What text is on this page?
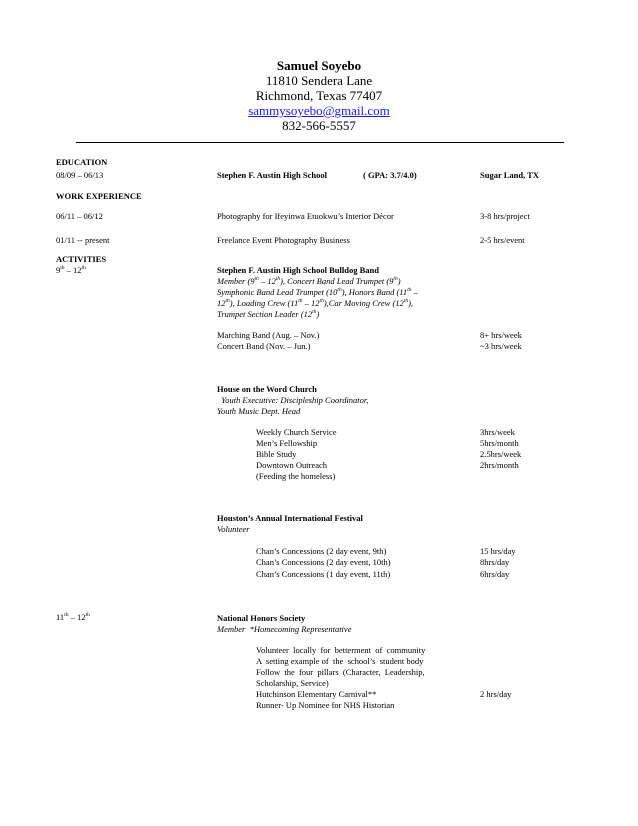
Samuel Soyebo
11810 Sendera Lane
Richmond, Texas 77407
sammysoyebo@gmail.com
832-566-5557
EDUCATION
08/09 – 06/13	Stephen F. Austin High School	( GPA: 3.7/4.0)	Sugar Land, TX
WORK EXPERIENCE
06/11 – 06/12	Photography for Ifeyinwa Etuokwu’s Interior Décor	3-8 hrs/project
01/11 -- present	Freelance Event Photography Business	2-5 hrs/event
ACTIVITIES
9th – 12th	Stephen F. Austin High School Bulldog Band
Member (9th – 12th), Concert Band Lead Trumpet (9th)
Symphonic Band Lead Trumpet (10th), Honors Band (11th –
12th), Loading Crew (11th – 12th),Car Moving Crew (12th),
Trumpet Section Leader (12th)
Marching Band (Aug. – Nov.)	8+ hrs/week
Concert Band (Nov. – Jun.)	~3 hrs/week
House on the Word Church
Youth Executive: Discipleship Coordinator,
Youth Music Dept. Head
Weekly Church Service	3hrs/week
Men’s Fellowship	5hrs/month
Bible Study	2.5hrs/week
Downtown Outreach	2hrs/month
(Feeding the homeless)
Houston’s Annual International Festival
Volunteer
Chan’s Concessions (2 day event, 9th)	15 hrs/day
Chan’s Concessions (2 day event, 10th)	8hrs/day
Chan’s Concessions (1 day event, 11th)	6hrs/day
11th – 12th	National Honors Society
Member  *Homecoming Representative
Volunteer  locally  for  betterment  of  community
A  setting example of  the  school’s  student body
Follow  the  four  pillars  (Character,  Leadership,
Scholarship, Service)
Hutchinson Elementary Carnival**	2 hrs/day
Runner- Up Nominee for NHS Historian
